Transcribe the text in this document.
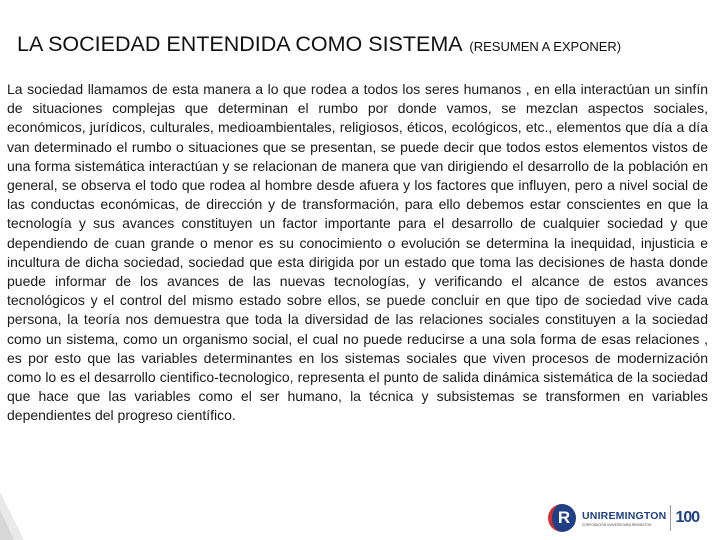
LA SOCIEDAD ENTENDIDA COMO SISTEMA (RESUMEN A EXPONER)

La sociedad llamamos de esta manera a lo que rodea a todos los seres humanos , en ella interactúan un sinfín de situaciones complejas que determinan el rumbo por donde vamos, se mezclan aspectos sociales, económicos, jurídicos, culturales, medioambientales, religiosos, éticos, ecológicos, etc., elementos que día a día van determinado el rumbo o situaciones que se presentan, se puede decir que todos estos elementos vistos de una forma sistemática interactúan y se relacionan de manera que van dirigiendo el desarrollo de la población en general, se observa el todo que rodea al hombre desde afuera y los factores que influyen, pero a nivel social de las conductas económicas, de dirección y de transformación, para ello debemos estar conscientes en que la tecnología y sus avances constituyen un factor importante para el desarrollo de cualquier sociedad y que dependiendo de cuan grande o menor es su conocimiento o evolución se determina la inequidad, injusticia e incultura de dicha sociedad, sociedad que esta dirigida por un estado que toma las decisiones de hasta donde puede informar de los avances de las nuevas tecnologías, y verificando el alcance de estos avances tecnológicos y el control del mismo estado sobre ellos, se puede concluir en que tipo de sociedad vive cada persona, la teoría nos demuestra que toda la diversidad de las relaciones sociales constituyen a la sociedad como un sistema, como un organismo social, el cual no puede reducirse a una sola forma de esas relaciones , es por esto que las variables determinantes en los sistemas sociales que viven procesos de modernización como lo es el desarrollo cientifico-tecnologico, representa el punto de salida dinámica sistemática de la sociedad que hace que las variables como el ser humano, la técnica y subsistemas se transformen en variables dependientes del progreso científico.

R	UNIREMINGTON
CORPORACIÓN UNIVERSITARIA REMINGTON	100
